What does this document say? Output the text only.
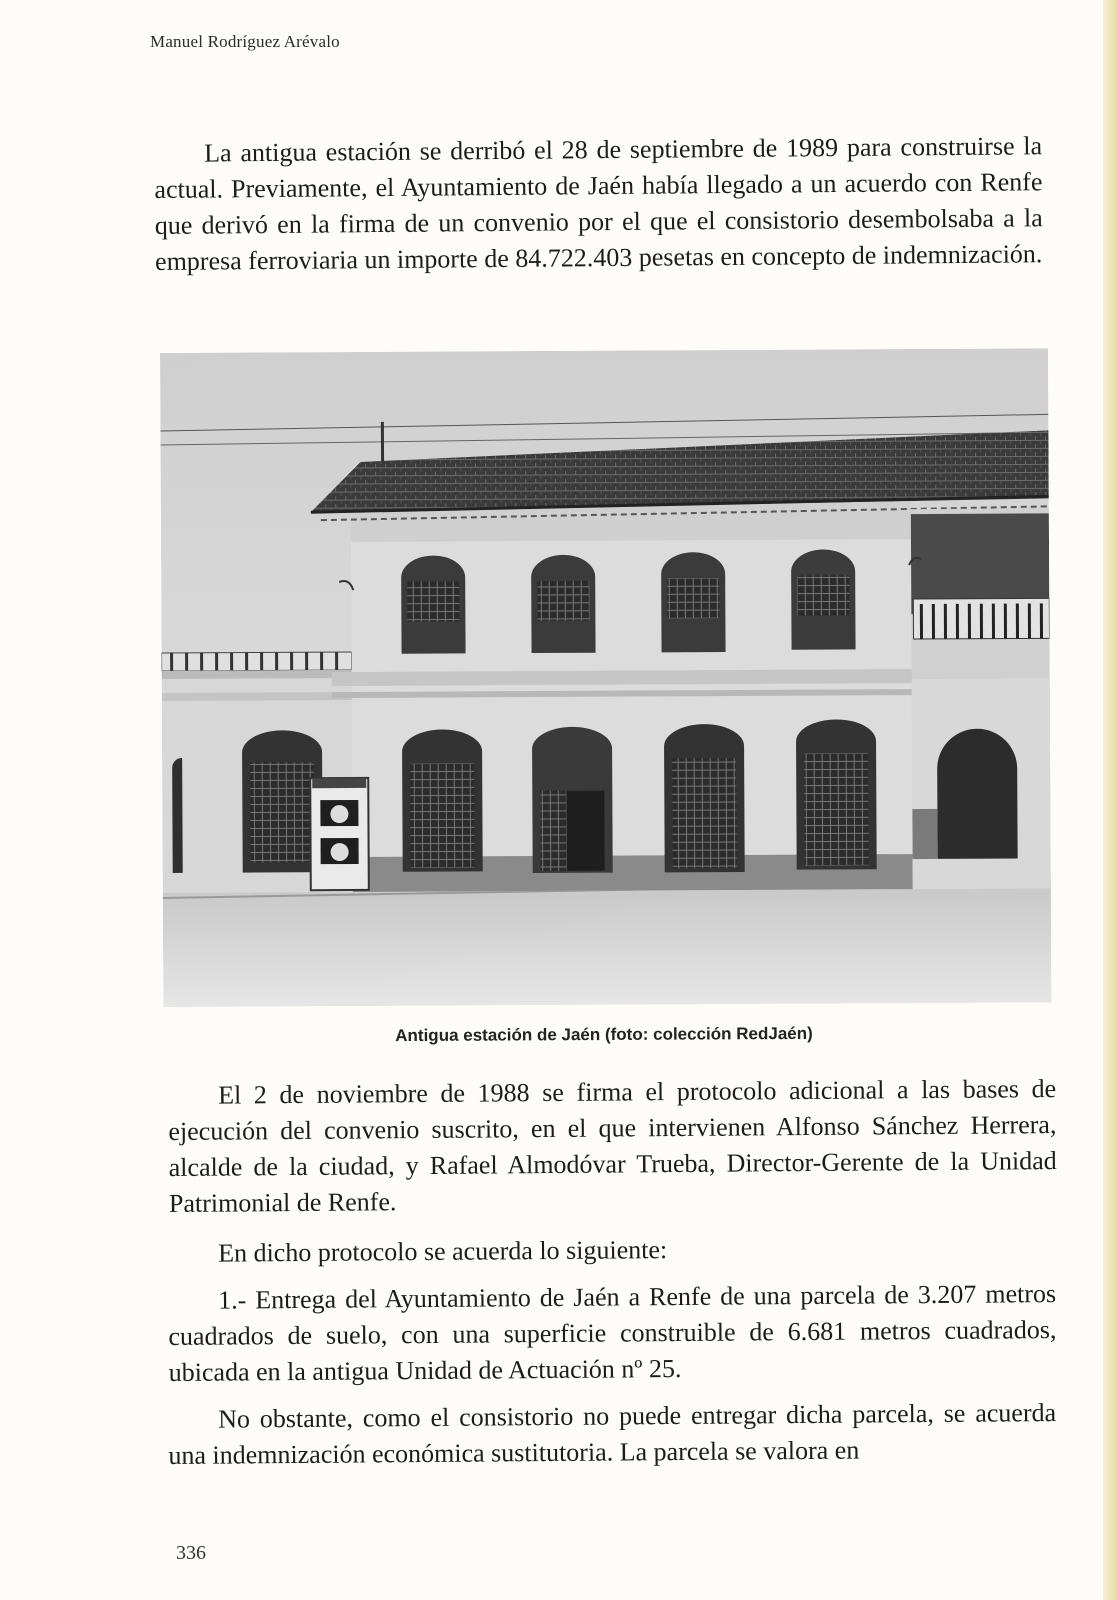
Manuel Rodríguez Arévalo

La antigua estación se derribó el 28 de septiembre de 1989 para construirse la actual. Previamente, el Ayuntamiento de Jaén había llegado a un acuerdo con Renfe que derivó en la firma de un convenio por el que el consistorio desembolsaba a la empresa ferroviaria un importe de 84.722.403 pesetas en concepto de indemnización.

Antigua estación de Jaén (foto: colección RedJaén)

El 2 de noviembre de 1988 se firma el protocolo adicional a las bases de ejecución del convenio suscrito, en el que intervienen Alfonso Sánchez Herrera, alcalde de la ciudad, y Rafael Almodóvar Trueba, Director-Gerente de la Unidad Patrimonial de Renfe.

En dicho protocolo se acuerda lo siguiente:

1.- Entrega del Ayuntamiento de Jaén a Renfe de una parcela de 3.207 metros cuadrados de suelo, con una superficie construible de 6.681 metros cuadrados, ubicada en la antigua Unidad de Actuación nº 25.

No obstante, como el consistorio no puede entregar dicha parcela, se acuerda una indemnización económica sustitutoria. La parcela se valora en

336
